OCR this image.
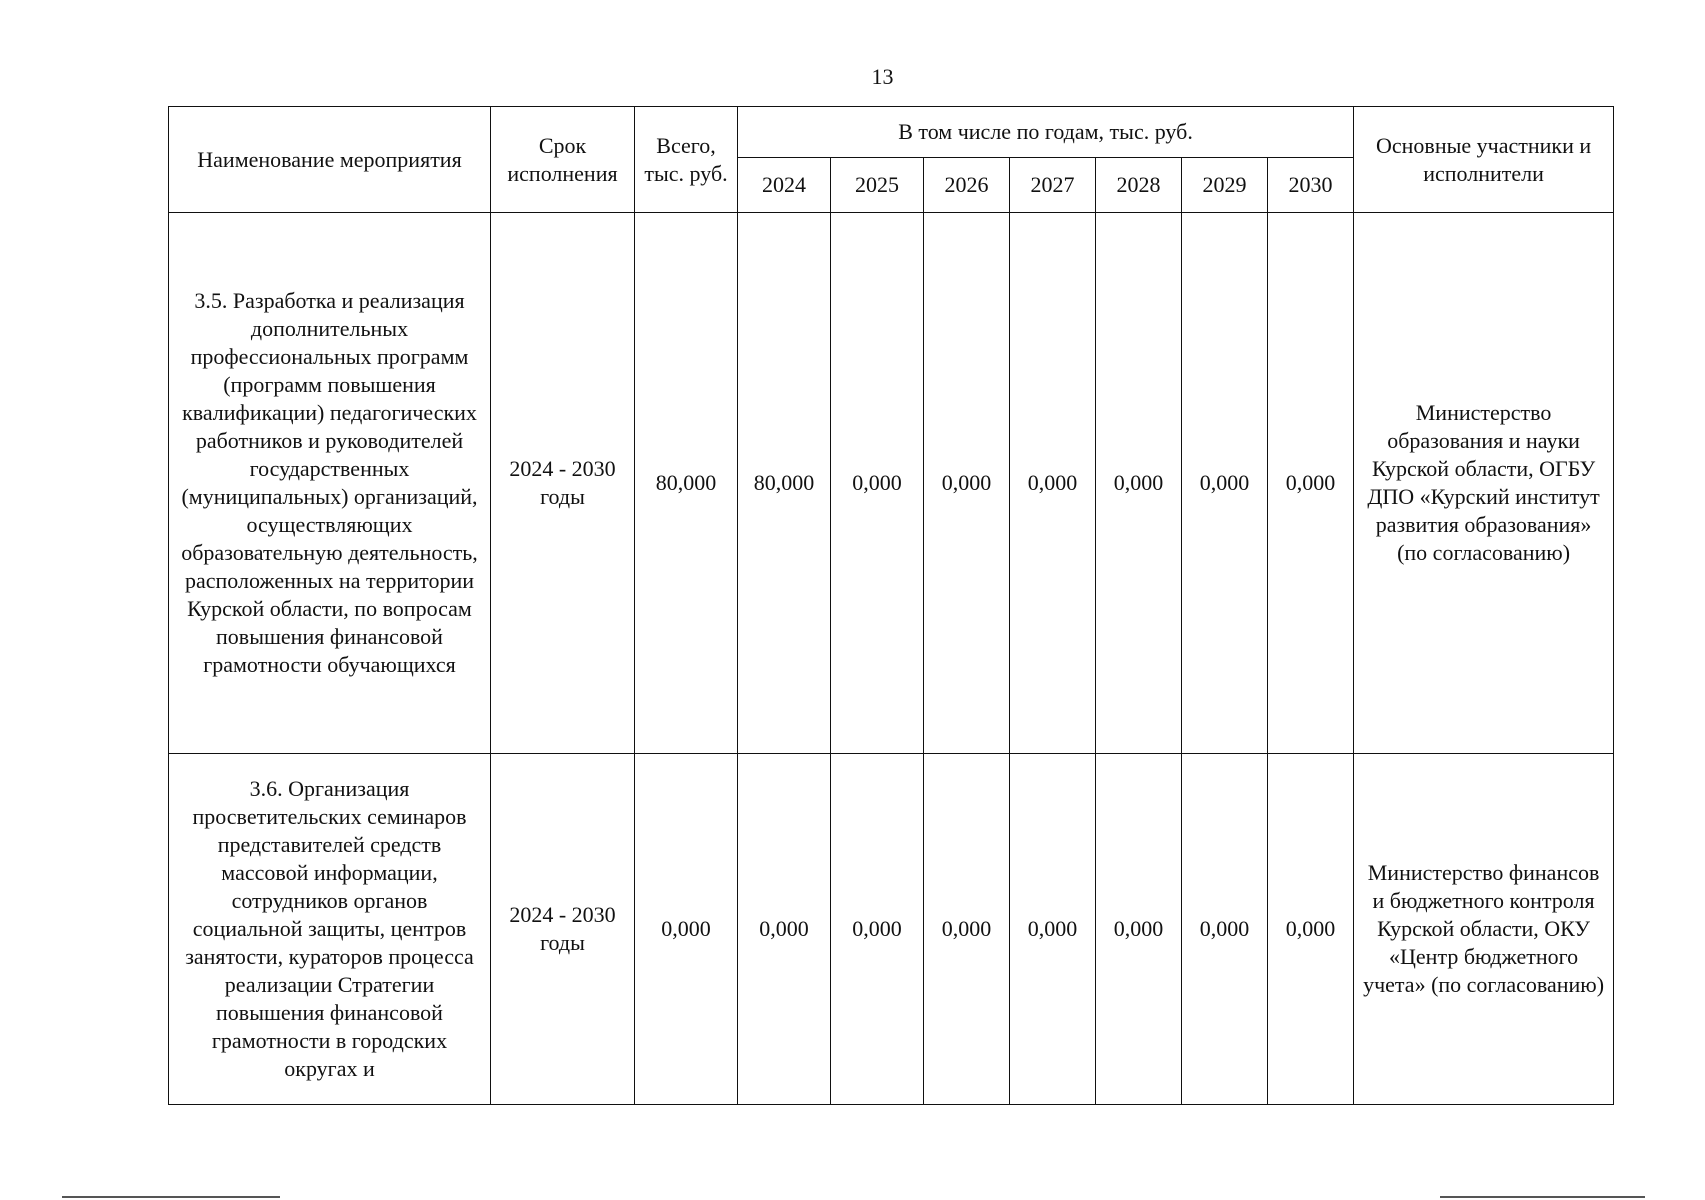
13
Наименование мероприятия	Срок исполнения	Всего, тыс. руб.	В том числе по годам, тыс. руб.							Основные участники и исполнители
			2024	2025	2026	2027	2028	2029	2030	
3.5. Разработка и реализация дополнительных профессиональных программ (программ повышения квалификации) педагогических работников и руководителей государственных (муниципальных) организаций, осуществляющих образовательную деятельность, расположенных на территории Курской области, по вопросам повышения финансовой грамотности обучающихся	2024 - 2030 годы	80,000	80,000	0,000	0,000	0,000	0,000	0,000	0,000	Министерство образования и науки Курской области, ОГБУ ДПО «Курский институт развития образования» (по согласованию)
3.6. Организация просветительских семинаров представителей средств массовой информации, сотрудников органов социальной защиты, центров занятости, кураторов процесса реализации Стратегии повышения финансовой грамотности в городских округах и	2024 - 2030 годы	0,000	0,000	0,000	0,000	0,000	0,000	0,000	0,000	Министерство финансов и бюджетного контроля Курской области, ОКУ «Центр бюджетного учета» (по согласованию)
